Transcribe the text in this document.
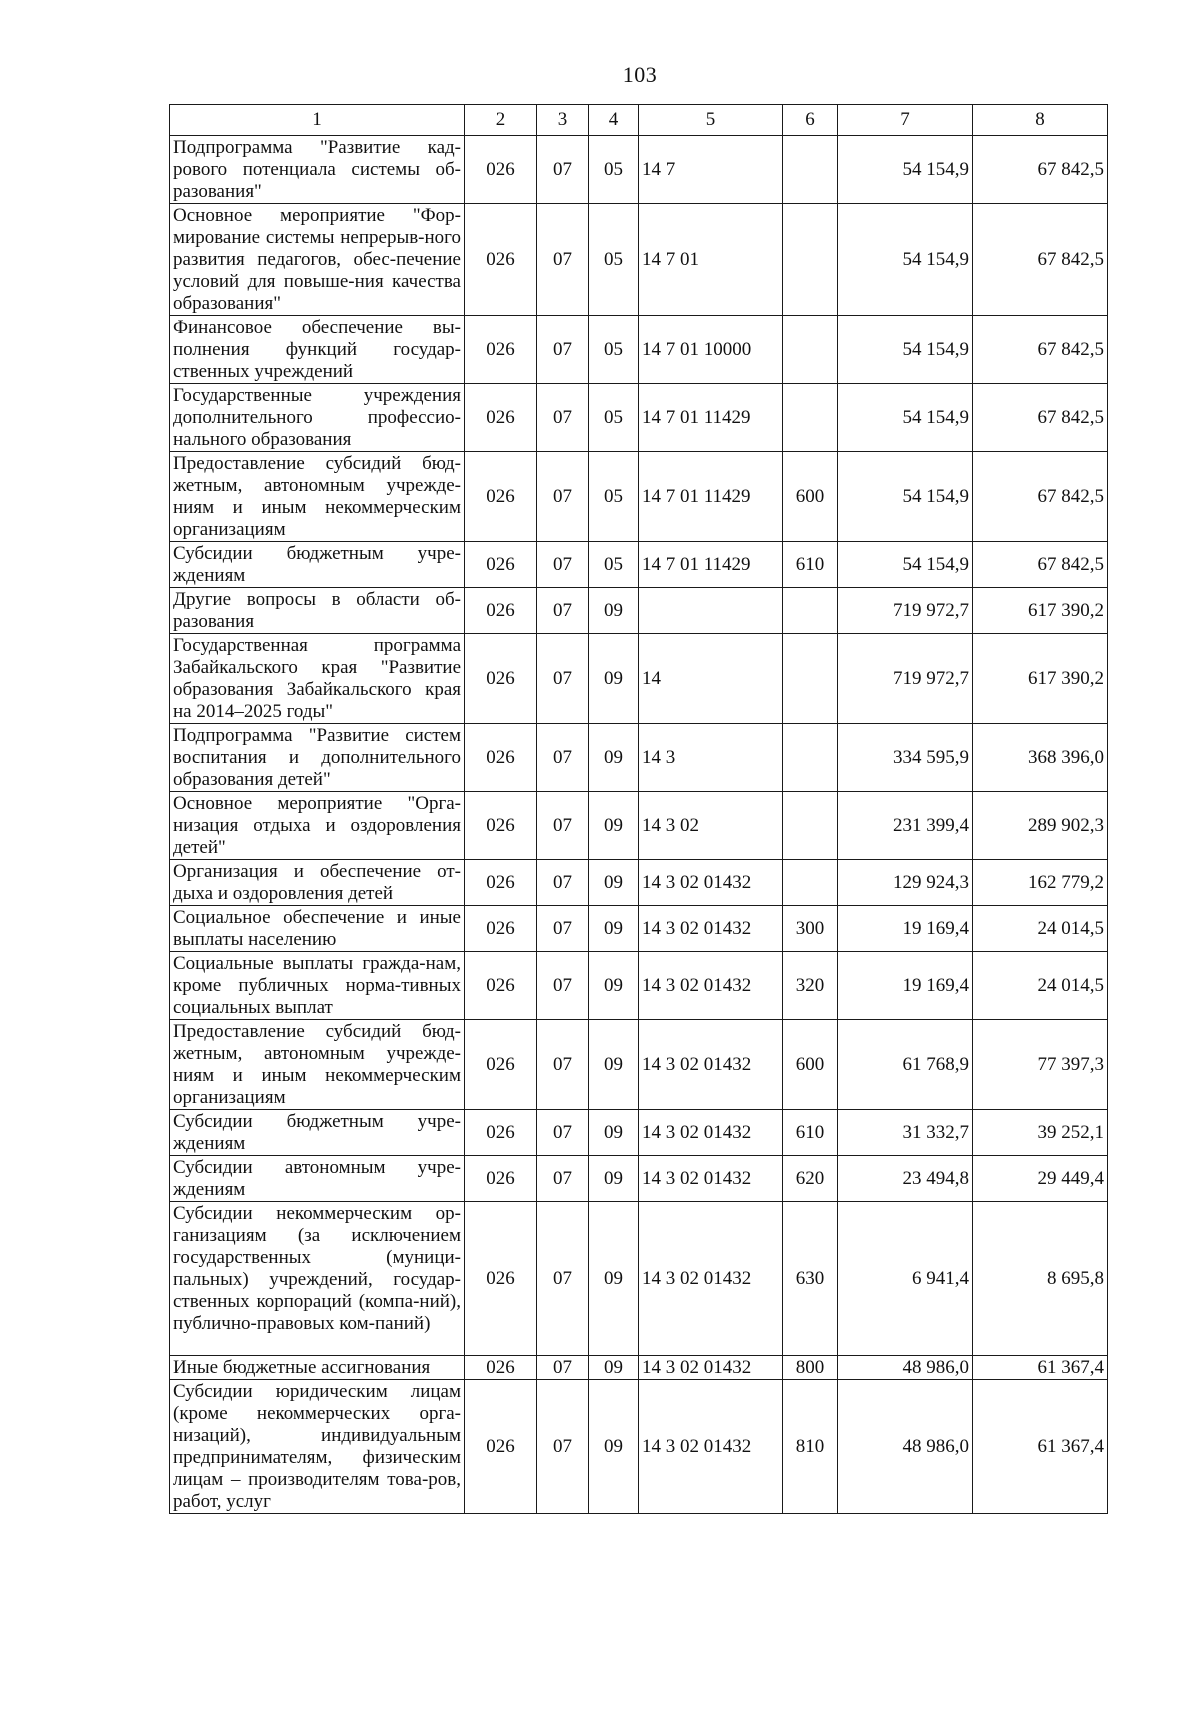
103
1	2	3	4	5	6	7	8
Подпрограмма "Развитие кад-рового потенциала системы об-разования"	026	07	05	14 7		54 154,9	67 842,5
Основное мероприятие "Фор-мирование системы непрерыв-ного развития педагогов, обес-печение условий для повыше-ния качества образования"	026	07	05	14 7 01		54 154,9	67 842,5
Финансовое обеспечение вы-полнения функций государ-ственных учреждений	026	07	05	14 7 01 10000		54 154,9	67 842,5
Государственные учреждения дополнительного профессио-нального образования	026	07	05	14 7 01 11429		54 154,9	67 842,5
Предоставление субсидий бюд-жетным, автономным учрежде-ниям и иным некоммерческим организациям	026	07	05	14 7 01 11429	600	54 154,9	67 842,5
Субсидии бюджетным учре-ждениям	026	07	05	14 7 01 11429	610	54 154,9	67 842,5
Другие вопросы в области об-разования	026	07	09			719 972,7	617 390,2
Государственная программа Забайкальского края "Развитие образования Забайкальского края на 2014–2025 годы"	026	07	09	14		719 972,7	617 390,2
Подпрограмма "Развитие систем воспитания и дополнительного образования детей"	026	07	09	14 3		334 595,9	368 396,0
Основное мероприятие "Орга-низация отдыха и оздоровления детей"	026	07	09	14 3 02		231 399,4	289 902,3
Организация и обеспечение от-дыха и оздоровления детей	026	07	09	14 3 02 01432		129 924,3	162 779,2
Социальное обеспечение и иные выплаты населению	026	07	09	14 3 02 01432	300	19 169,4	24 014,5
Социальные выплаты гражда-нам, кроме публичных норма-тивных социальных выплат	026	07	09	14 3 02 01432	320	19 169,4	24 014,5
Предоставление субсидий бюд-жетным, автономным учрежде-ниям и иным некоммерческим организациям	026	07	09	14 3 02 01432	600	61 768,9	77 397,3
Субсидии бюджетным учре-ждениям	026	07	09	14 3 02 01432	610	31 332,7	39 252,1
Субсидии автономным учре-ждениям	026	07	09	14 3 02 01432	620	23 494,8	29 449,4
Субсидии некоммерческим ор-ганизациям (за исключением государственных (муници-пальных) учреждений, государ-ственных корпораций (компа-ний), публично-правовых ком-паний)	026	07	09	14 3 02 01432	630	6 941,4	8 695,8
Иные бюджетные ассигнования	026	07	09	14 3 02 01432	800	48 986,0	61 367,4
Субсидии юридическим лицам (кроме некоммерческих орга-низаций), индивидуальным предпринимателям, физическим лицам – производителям това-ров, работ, услуг	026	07	09	14 3 02 01432	810	48 986,0	61 367,4
